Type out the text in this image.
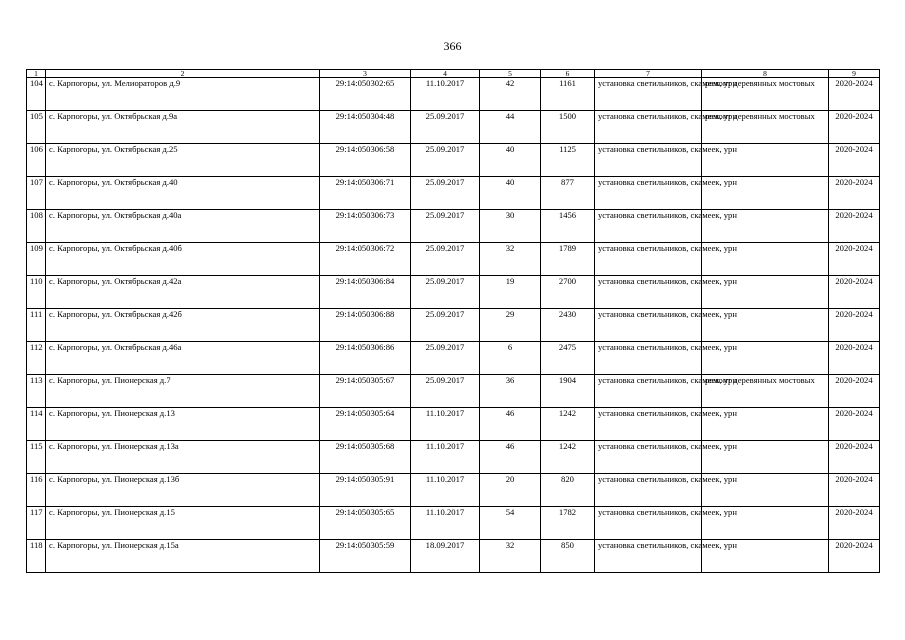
366
1	2	3	4	5	6	7	8	9
104	с. Карпогоры, ул. Мелиораторов д.9	29:14:050302:65	11.10.2017	42	1161	установка светильников, скамеек, урн	ремонт деревянных мостовых	2020-2024
105	с. Карпогоры, ул. Октябрьская д.9а	29:14:050304:48	25.09.2017	44	1500	установка светильников, скамеек, урн	ремонт деревянных мостовых	2020-2024
106	с. Карпогоры, ул. Октябрьская д.25	29:14:050306:58	25.09.2017	40	1125	установка светильников, скамеек, урн		2020-2024
107	с. Карпогоры, ул. Октябрьская д.40	29:14:050306:71	25.09.2017	40	877	установка светильников, скамеек, урн		2020-2024
108	с. Карпогоры, ул. Октябрьская д.40а	29:14:050306:73	25.09.2017	30	1456	установка светильников, скамеек, урн		2020-2024
109	с. Карпогоры, ул. Октябрьская д.40б	29:14:050306:72	25.09.2017	32	1789	установка светильников, скамеек, урн		2020-2024
110	с. Карпогоры, ул. Октябрьская д.42а	29:14:050306:84	25.09.2017	19	2700	установка светильников, скамеек, урн		2020-2024
111	с. Карпогоры, ул. Октябрьская д.42б	29:14:050306:88	25.09.2017	29	2430	установка светильников, скамеек, урн		2020-2024
112	с. Карпогоры, ул. Октябрьская д.46а	29:14:050306:86	25.09.2017	6	2475	установка светильников, скамеек, урн		2020-2024
113	с. Карпогоры, ул. Пионерская д.7	29:14:050305:67	25.09.2017	36	1904	установка светильников, скамеек, урн	ремонт деревянных мостовых	2020-2024
114	с. Карпогоры, ул. Пионерская д.13	29:14:050305:64	11.10.2017	46	1242	установка светильников, скамеек, урн		2020-2024
115	с. Карпогоры, ул. Пионерская д.13а	29:14:050305:68	11.10.2017	46	1242	установка светильников, скамеек, урн		2020-2024
116	с. Карпогоры, ул. Пионерская д.13б	29:14:050305:91	11.10.2017	20	820	установка светильников, скамеек, урн		2020-2024
117	с. Карпогоры, ул. Пионерская д.15	29:14:050305:65	11.10.2017	54	1782	установка светильников, скамеек, урн		2020-2024
118	с. Карпогоры, ул. Пионерская д.15а	29:14:050305:59	18.09.2017	32	850	установка светильников, скамеек, урн		2020-2024
